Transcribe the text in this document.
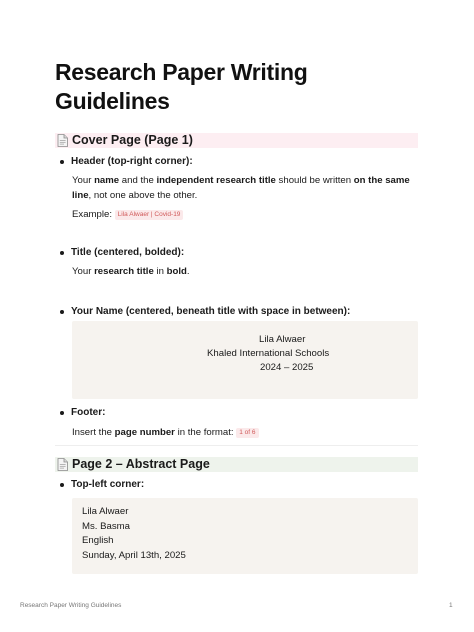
Research Paper Writing
Guidelines
Cover Page (Page 1)
Header (top-right corner):
Your name and the independent research title should be written on the same
line, not one above the other.
Example: Lila Alwaer | Covid-19
Title (centered, bolded):
Your research title in bold.
Your Name (centered, beneath title with space in between):
Lila Alwaer
Khaled International Schools
2024 – 2025
Footer:
Insert the page number in the format: 1 of 6
Page 2 – Abstract Page
Top-left corner:
Lila Alwaer
Ms. Basma
English
Sunday, April 13th, 2025
Research Paper Writing Guidelines	1
